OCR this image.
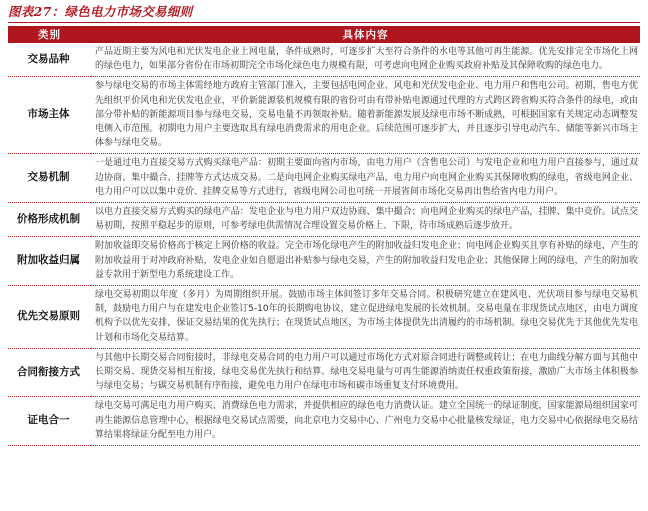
图表27：绿色电力市场交易细则
类别	具体内容
交易品种	产品近期主要为风电和光伏发电企业上网电量，条件成熟时，可逐步扩大至符合条件的水电等其他可再生能源。优先安排完全市场化上网的绿色电力，如果部分省份在市场初期完全市场化绿色电力规模有限，可考虑向电网企业购买政府补贴及其保障收购的绿色电力。
市场主体	参与绿电交易的市场主体需经地方政府主管部门准入，主要包括电网企业、风电和光伏发电企业、电力用户和售电公司。初期，售电方优先组织平价风电和光伏发电企业，平价新能源装机规模有限的省份可由有带补贴电源通过代理的方式跨区跨省购买符合条件的绿电，或由部分带补贴的新能源项目参与绿电交易，交易电量不再领取补贴。随着新能源发展及绿电市场不断成熟，可根据国家有关规定动态调整发电侧入市范围。初期电力用户主要选取具有绿电消费需求的用电企业。后续范围可逐步扩大，并且逐步引导电动汽车、储能等新兴市场主体参与绿电交易。
交易机制	一是通过电力直接交易方式购买绿电产品：初期主要面向省内市场，由电力用户（含售电公司）与发电企业和电力用户直接参与，通过双边协商、集中撮合、挂牌等方式达成交易。二是向电网企业购买绿电产品，电力用户向电网企业购买其保障收购的绿电，省级电网企业、电力用户可以以集中竞价、挂牌交易等方式进行，省级电网公司也可统一开展省间市场化交易再出售给省内电力用户。
价格形成机制	以电力直接交易方式购买的绿电产品：发电企业与电力用户双边协商、集中撮合；向电网企业购买的绿电产品，挂牌、集中竞价。试点交易初期，按照平稳起步的原则，可参考绿电供需情况合理设置交易价格上、下限，待市场成熟后逐步放开。
附加收益归属	附加收益即交易价格高于核定上网价格的收益。完全市场化绿电产生的附加收益归发电企业；向电网企业购买且享有补贴的绿电，产生的附加收益用于对冲政府补贴，发电企业如自愿退出补贴参与绿电交易，产生的附加收益归发电企业；其他保障上网的绿电，产生的附加收益专款用于新型电力系统建设工作。
优先交易原则	绿电交易初期以年度（多月）为周期组织开展。鼓励市场主体间签订多年交易合同。积极研究建立在建风电、光伏项目参与绿电交易机制，鼓励电力用户与在建发电企业签订5-10年的长期购电协议，建立促进绿电发展的长效机制。交易电量在非现货试点地区，由电力调度机构予以优先安排，保证交易结果的优先执行；在现货试点地区，为市场主体提供先出清履约的市场机制。绿电交易优先于其他优先发电计划和市场化交易结算。
合同衔接方式	与其他中长期交易合同衔接时，非绿电交易合同的电力用户可以通过市场化方式对原合同进行调整或转让；在电力曲线分解方面与其他中长期交易、现货交易相互衔接，绿电交易优先执行和结算。绿电交易电量与可再生能源消纳责任权重政策衔接，激励广大市场主体积极参与绿电交易；与碳交易机制有序衔接，避免电力用户在绿电市场和碳市场重复支付环境费用。
证电合一	绿电交易可满足电力用户购买、消费绿色电力需求，并提供相应的绿色电力消费认证。建立全国统一的绿证制度，国家能源局组织国家可再生能源信息管理中心，根据绿电交易试点需要，向北京电力交易中心、广州电力交易中心批量核发绿证，电力交易中心依据绿电交易结算结果将绿证分配至电力用户。
